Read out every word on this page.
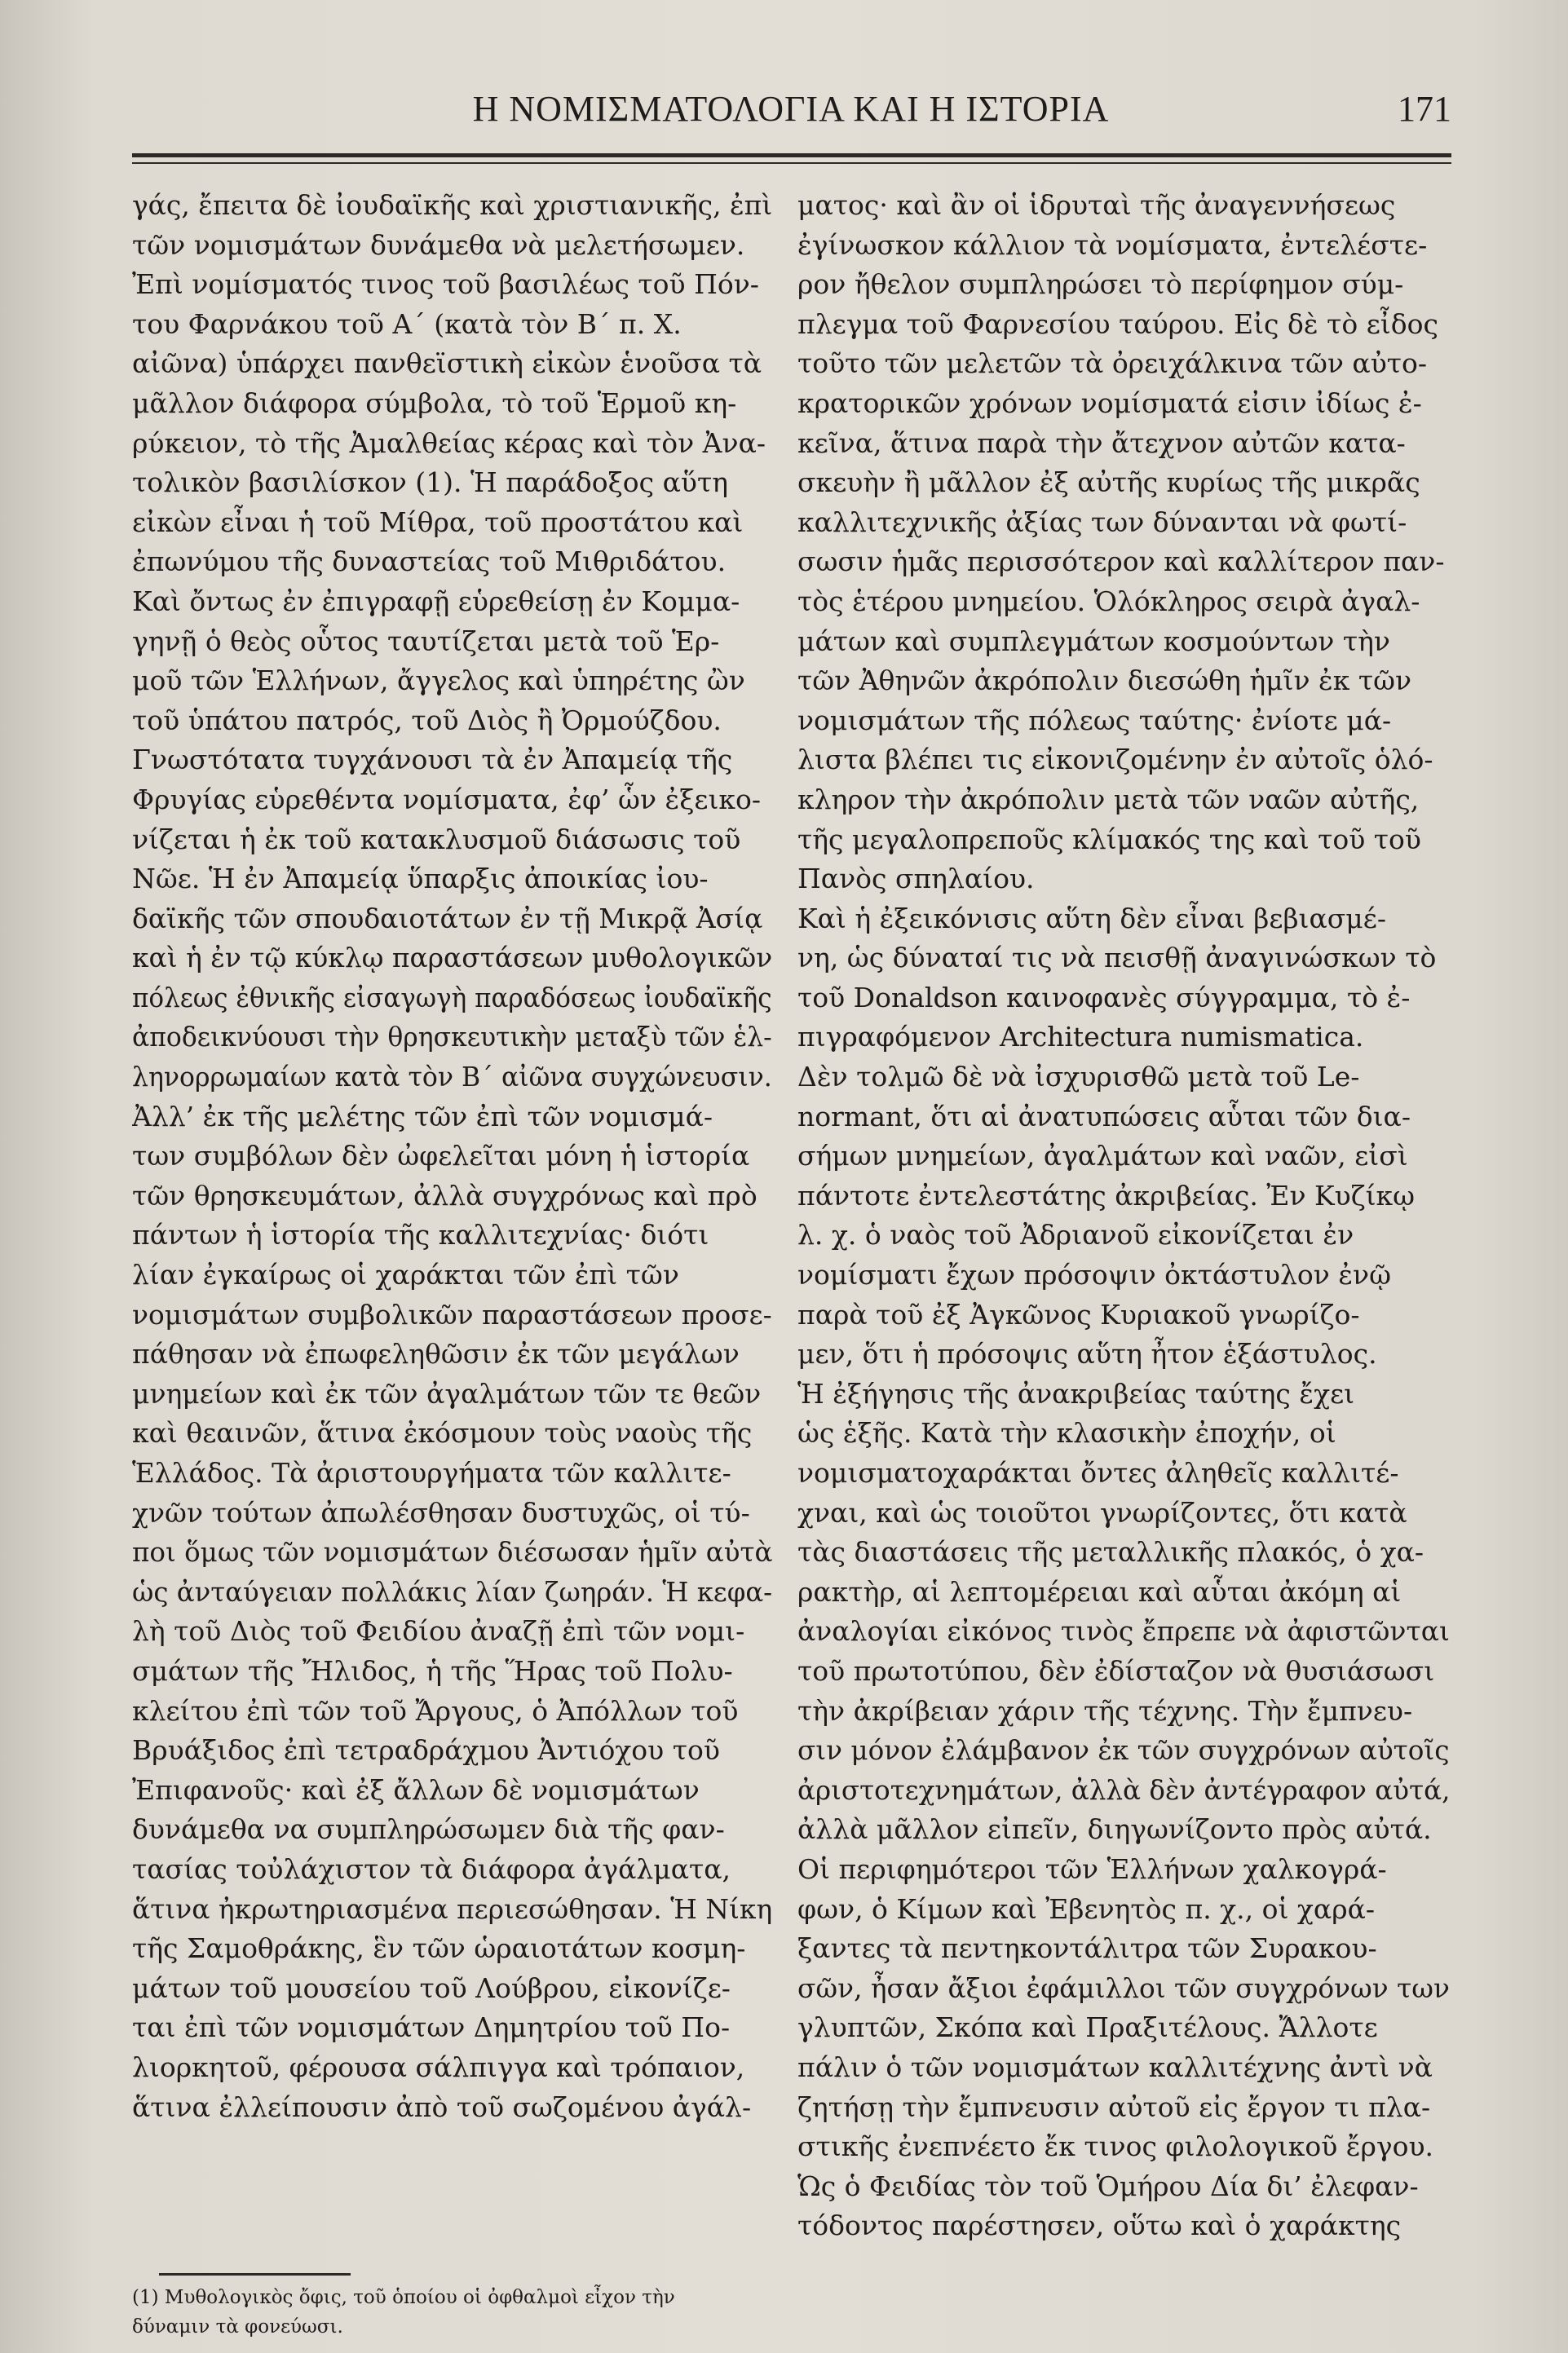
Η ΝΟΜΙΣΜΑΤΟΛΟΓΙΑ ΚΑΙ Η ΙΣΤΟΡΙΑ	171

γάς, ἔπειτα δὲ ἰουδαϊκῆς καὶ χριστιανικῆς, ἐπὶ

τῶν νομισμάτων δυνάμεθα νὰ μελετήσωμεν.

Ἐπὶ νομίσματός τινος τοῦ βασιλέως τοῦ Πόν-

του Φαρνάκου τοῦ Α΄ (κατὰ τὸν Β΄ π. Χ.

αἰῶνα) ὑπάρχει πανθεϊστικὴ εἰκὼν ἑνοῦσα τὰ

μᾶλλον διάφορα σύμβολα, τὸ τοῦ Ἑρμοῦ κη-

ρύκειον, τὸ τῆς Ἀμαλθείας κέρας καὶ τὸν Ἀνα-

τολικὸν βασιλίσκον (1). Ἡ παράδοξος αὕτη

εἰκὼν εἶναι ἡ τοῦ Μίθρα, τοῦ προστάτου καὶ

ἐπωνύμου τῆς δυναστείας τοῦ Μιθριδάτου.

Καὶ ὄντως ἐν ἐπιγραφῇ εὑρεθείσῃ ἐν Κομμα-

γηνῇ ὁ θεὸς οὗτος ταυτίζεται μετὰ τοῦ Ἑρ-

μοῦ τῶν Ἑλλήνων, ἄγγελος καὶ ὑπηρέτης ὢν

τοῦ ὑπάτου πατρός, τοῦ Διὸς ἢ Ὀρμούζδου.

Γνωστότατα τυγχάνουσι τὰ ἐν Ἀπαμείᾳ τῆς

Φρυγίας εὑρεθέντα νομίσματα, ἐφ’ ὧν ἐξεικο-

νίζεται ἡ ἐκ τοῦ κατακλυσμοῦ διάσωσις τοῦ

Νῶε. Ἡ ἐν Ἀπαμείᾳ ὕπαρξις ἀποικίας ἰου-

δαϊκῆς τῶν σπουδαιοτάτων ἐν τῇ Μικρᾷ Ἀσίᾳ

καὶ ἡ ἐν τῷ κύκλῳ παραστάσεων μυθολογικῶν

πόλεως ἐθνικῆς εἰσαγωγὴ παραδόσεως ἰουδαϊκῆς

ἀποδεικνύουσι τὴν θρησκευτικὴν μεταξὺ τῶν ἑλ-

ληνορρωμαίων κατὰ τὸν Β΄ αἰῶνα συγχώνευσιν.

Ἀλλ’ ἐκ τῆς μελέτης τῶν ἐπὶ τῶν νομισμά-

των συμβόλων δὲν ὠφελεῖται μόνη ἡ ἱστορία

τῶν θρησκευμάτων, ἀλλὰ συγχρόνως καὶ πρὸ

πάντων ἡ ἱστορία τῆς καλλιτεχνίας· διότι

λίαν ἐγκαίρως οἱ χαράκται τῶν ἐπὶ τῶν

νομισμάτων συμβολικῶν παραστάσεων προσε-

πάθησαν νὰ ἐπωφεληθῶσιν ἐκ τῶν μεγάλων

μνημείων καὶ ἐκ τῶν ἀγαλμάτων τῶν τε θεῶν

καὶ θεαινῶν, ἅτινα ἐκόσμουν τοὺς ναοὺς τῆς

Ἑλλάδος. Τὰ ἀριστουργήματα τῶν καλλιτε-

χνῶν τούτων ἀπωλέσθησαν δυστυχῶς, οἱ τύ-

ποι ὅμως τῶν νομισμάτων διέσωσαν ἡμῖν αὐτὰ

ὡς ἀνταύγειαν πολλάκις λίαν ζωηράν. Ἡ κεφα-

λὴ τοῦ Διὸς τοῦ Φειδίου ἀναζῇ ἐπὶ τῶν νομι-

σμάτων τῆς Ἤλιδος, ἡ τῆς Ἥρας τοῦ Πολυ-

κλείτου ἐπὶ τῶν τοῦ Ἄργους, ὁ Ἀπόλλων τοῦ

Βρυάξιδος ἐπὶ τετραδράχμου Ἀντιόχου τοῦ

Ἐπιφανοῦς· καὶ ἐξ ἄλλων δὲ νομισμάτων

δυνάμεθα να συμπληρώσωμεν διὰ τῆς φαν-

τασίας τοὐλάχιστον τὰ διάφορα ἀγάλματα,

ἅτινα ἠκρωτηριασμένα περιεσώθησαν. Ἡ Νίκη

τῆς Σαμοθράκης, ἓν τῶν ὡραιοτάτων κοσμη-

μάτων τοῦ μουσείου τοῦ Λούβρου, εἰκονίζε-

ται ἐπὶ τῶν νομισμάτων Δημητρίου τοῦ Πο-

λιορκητοῦ, φέρουσα σάλπιγγα καὶ τρόπαιον,

ἅτινα ἐλλείπουσιν ἀπὸ τοῦ σωζομένου ἀγάλ-

ματος· καὶ ἂν οἱ ἱδρυταὶ τῆς ἀναγεννήσεως

ἐγίνωσκον κάλλιον τὰ νομίσματα, ἐντελέστε-

ρον ἤθελον συμπληρώσει τὸ περίφημον σύμ-

πλεγμα τοῦ Φαρνεσίου ταύρου. Εἰς δὲ τὸ εἶδος

τοῦτο τῶν μελετῶν τὰ ὀρειχάλκινα τῶν αὐτο-

κρατορικῶν χρόνων νομίσματά εἰσιν ἰδίως ἐ-

κεῖνα, ἅτινα παρὰ τὴν ἄτεχνον αὐτῶν κατα-

σκευὴν ἢ μᾶλλον ἐξ αὐτῆς κυρίως τῆς μικρᾶς

καλλιτεχνικῆς ἀξίας των δύνανται νὰ φωτί-

σωσιν ἡμᾶς περισσότερον καὶ καλλίτερον παν-

τὸς ἑτέρου μνημείου. Ὁλόκληρος σειρὰ ἀγαλ-

μάτων καὶ συμπλεγμάτων κοσμούντων τὴν

τῶν Ἀθηνῶν ἀκρόπολιν διεσώθη ἡμῖν ἐκ τῶν

νομισμάτων τῆς πόλεως ταύτης· ἐνίοτε μά-

λιστα βλέπει τις εἰκονιζομένην ἐν αὐτοῖς ὁλό-

κληρον τὴν ἀκρόπολιν μετὰ τῶν ναῶν αὐτῆς,

τῆς μεγαλοπρεποῦς κλίμακός της καὶ τοῦ τοῦ

Πανὸς σπηλαίου.

Καὶ ἡ ἐξεικόνισις αὕτη δὲν εἶναι βεβιασμέ-

νη, ὡς δύναταί τις νὰ πεισθῇ ἀναγινώσκων τὸ

τοῦ Donaldson καινοφανὲς σύγγραμμα, τὸ ἐ-

πιγραφόμενον Architectura numismatica.

Δὲν τολμῶ δὲ νὰ ἰσχυρισθῶ μετὰ τοῦ Le-

normant, ὅτι αἱ ἀνατυπώσεις αὗται τῶν δια-

σήμων μνημείων, ἀγαλμάτων καὶ ναῶν, εἰσὶ

πάντοτε ἐντελεστάτης ἀκριβείας. Ἐν Κυζίκῳ

λ. χ. ὁ ναὸς τοῦ Ἀδριανοῦ εἰκονίζεται ἐν

νομίσματι ἔχων πρόσοψιν ὀκτάστυλον ἐνῷ

παρὰ τοῦ ἐξ Ἀγκῶνος Κυριακοῦ γνωρίζο-

μεν, ὅτι ἡ πρόσοψις αὕτη ἦτον ἑξάστυλος.

Ἡ ἐξήγησις τῆς ἀνακριβείας ταύτης ἔχει

ὡς ἑξῆς. Κατὰ τὴν κλασικὴν ἐποχήν, οἱ

νομισματοχαράκται ὄντες ἀληθεῖς καλλιτέ-

χναι, καὶ ὡς τοιοῦτοι γνωρίζοντες, ὅτι κατὰ

τὰς διαστάσεις τῆς μεταλλικῆς πλακός, ὁ χα-

ρακτὴρ, αἱ λεπτομέρειαι καὶ αὗται ἀκόμη αἱ

ἀναλογίαι εἰκόνος τινὸς ἔπρεπε νὰ ἀφιστῶνται

τοῦ πρωτοτύπου, δὲν ἐδίσταζον νὰ θυσιάσωσι

τὴν ἀκρίβειαν χάριν τῆς τέχνης. Τὴν ἔμπνευ-

σιν μόνον ἐλάμβανον ἐκ τῶν συγχρόνων αὐτοῖς

ἀριστοτεχνημάτων, ἀλλὰ δὲν ἀντέγραφον αὐτά,

ἀλλὰ μᾶλλον εἰπεῖν, διηγωνίζοντο πρὸς αὐτά.

Οἱ περιφημότεροι τῶν Ἑλλήνων χαλκογρά-

φων, ὁ Κίμων καὶ Ἐβενητὸς π. χ., οἱ χαρά-

ξαντες τὰ πεντηκοντάλιτρα τῶν Συρακου-

σῶν, ἦσαν ἄξιοι ἐφάμιλλοι τῶν συγχρόνων των

γλυπτῶν, Σκόπα καὶ Πραξιτέλους. Ἄλλοτε

πάλιν ὁ τῶν νομισμάτων καλλιτέχνης ἀντὶ νὰ

ζητήσῃ τὴν ἔμπνευσιν αὐτοῦ εἰς ἔργον τι πλα-

στικῆς ἐνεπνέετο ἔκ τινος φιλολογικοῦ ἔργου.

Ὡς ὁ Φειδίας τὸν τοῦ Ὁμήρου Δία δι’ ἐλεφαν-

τόδοντος παρέστησεν, οὕτω καὶ ὁ χαράκτης

(1) Μυθολογικὸς ὄφις, τοῦ ὁποίου οἱ ὀφθαλμοὶ εἶχον τὴν

δύναμιν τὰ φονεύωσι.
